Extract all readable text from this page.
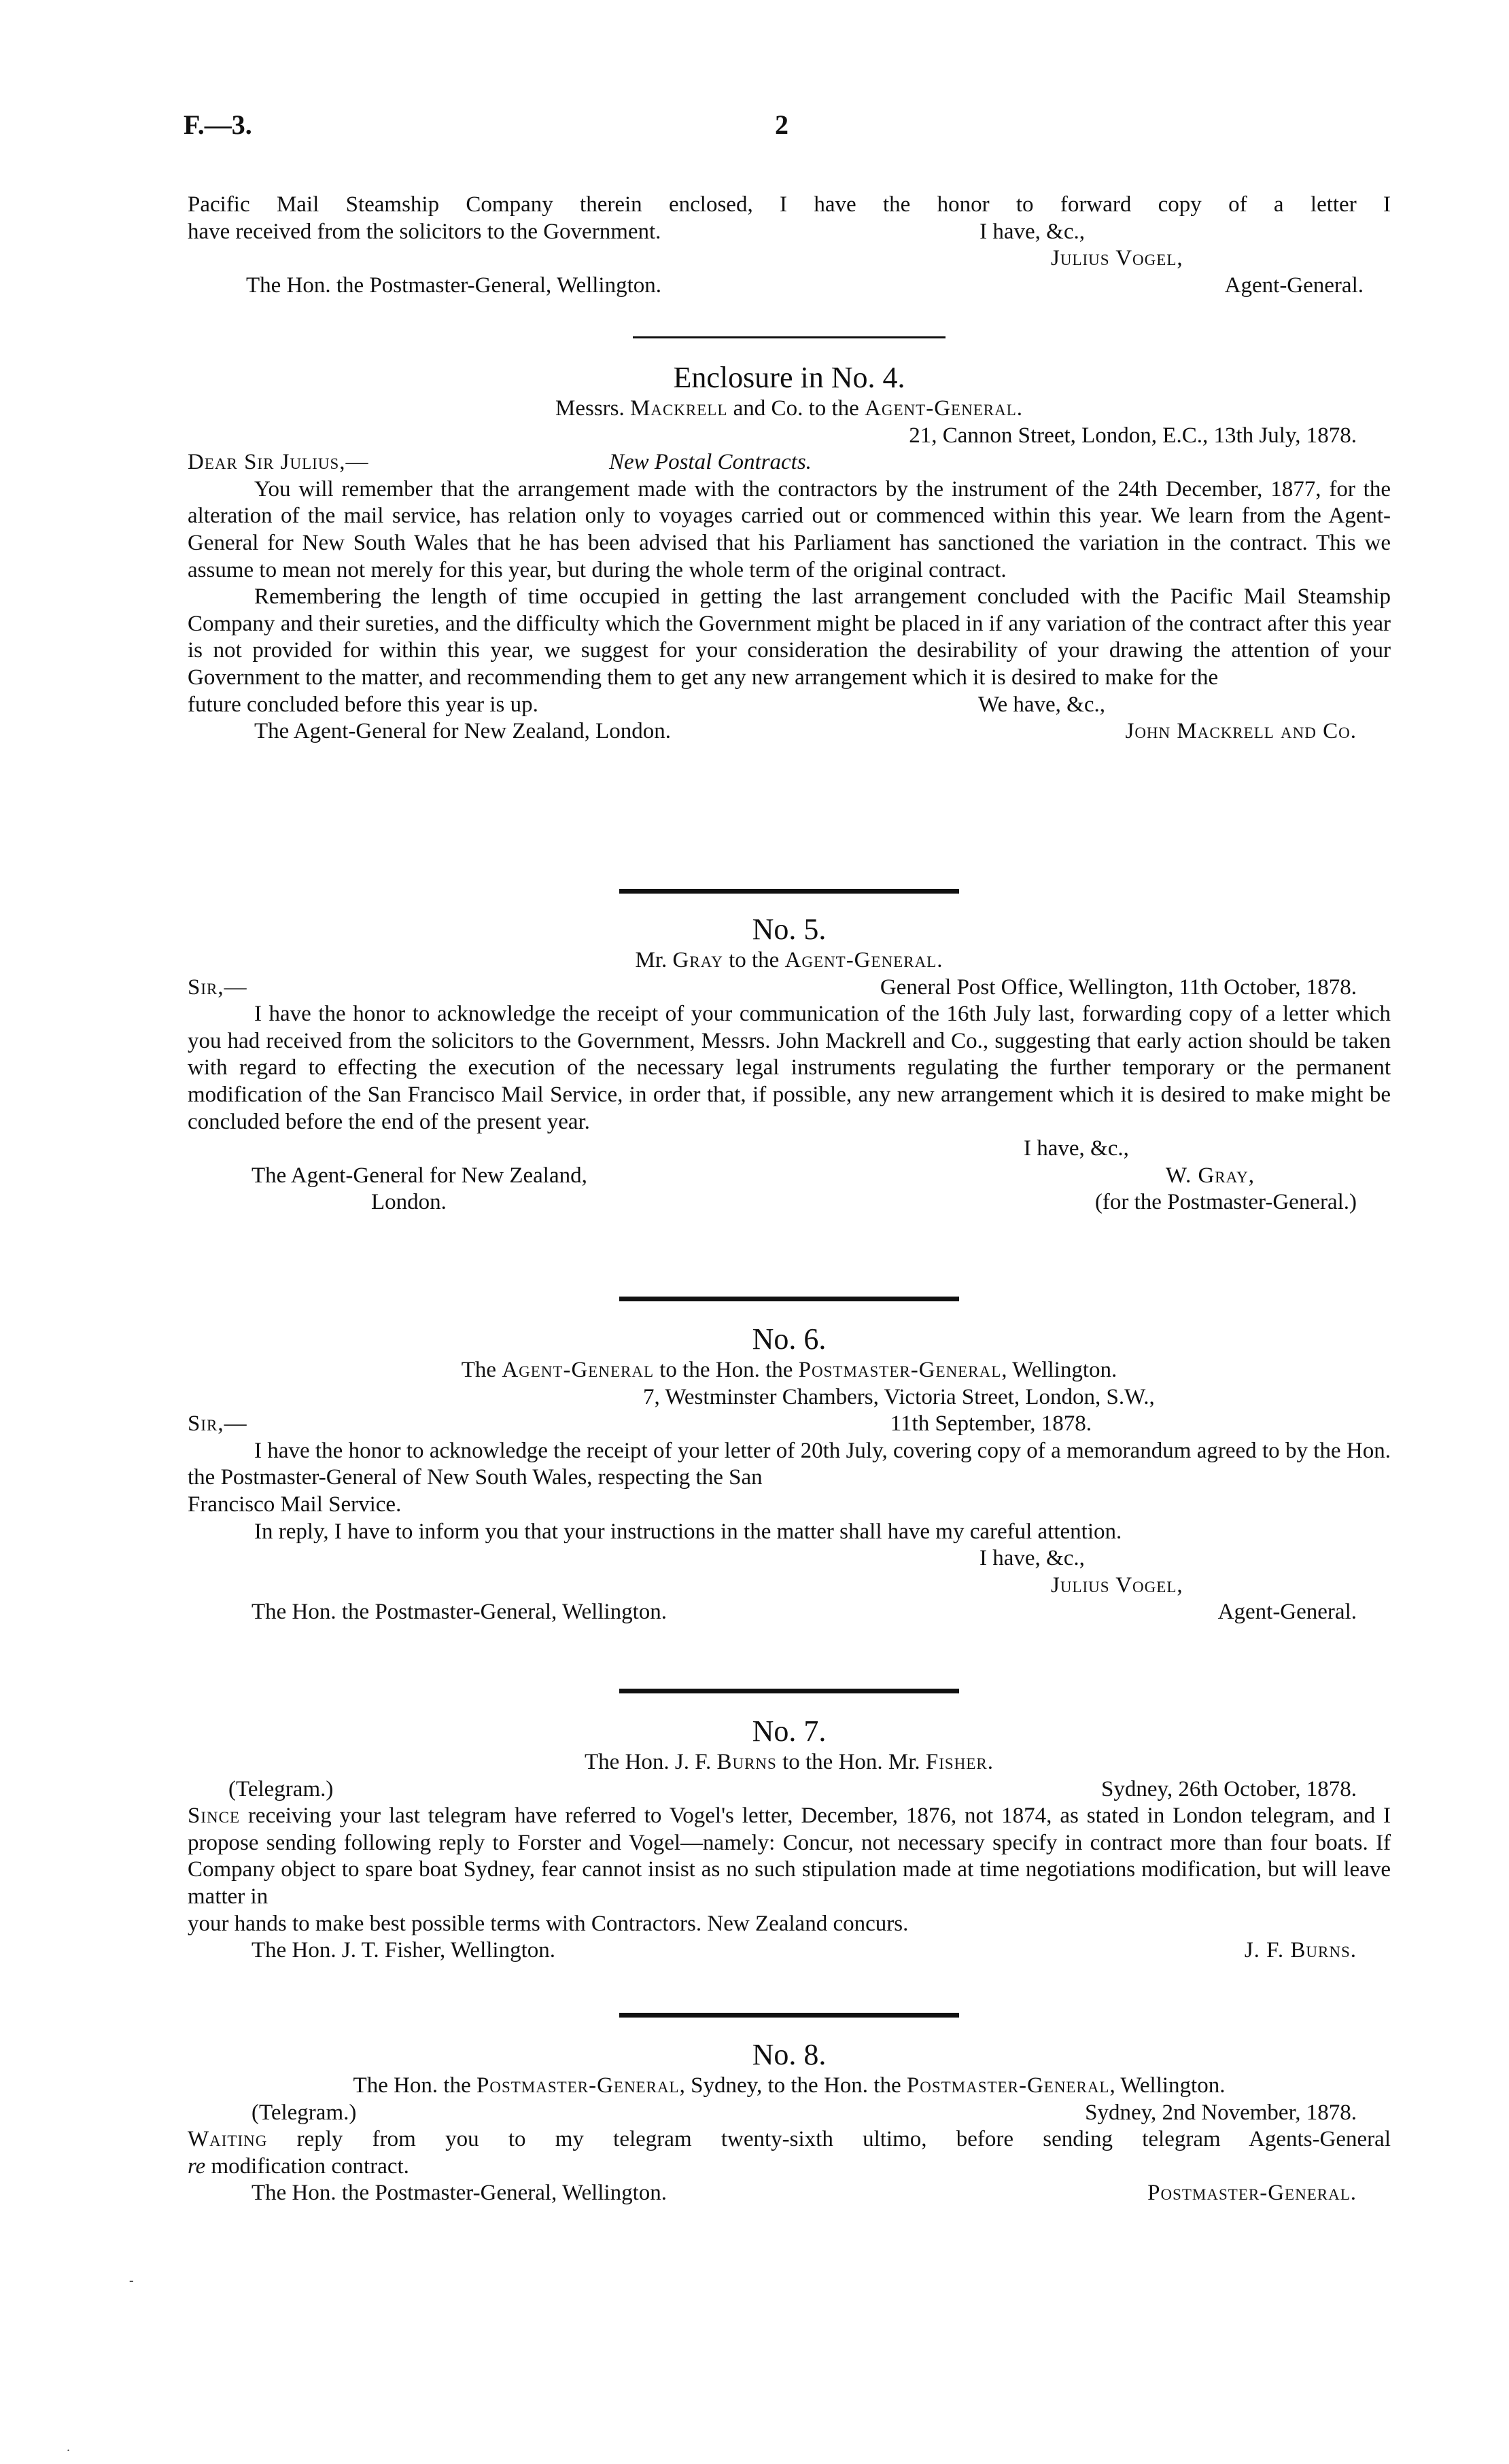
F.—3.	2

Pacific Mail Steamship Company therein enclosed, I have the honor to forward copy of a letter I

have received from the solicitors to the Government.	I have, &c.,

Julius Vogel,

The Hon. the Postmaster-General, Wellington.	Agent-General.

Enclosure in No. 4.

Messrs. Mackrell and Co. to the Agent-General.

21, Cannon Street, London, E.C., 13th July, 1878.

Dear Sir Julius,—	New Postal Contracts.

You will remember that the arrangement made with the contractors by the instrument of the 24th December, 1877, for the alteration of the mail service, has relation only to voyages carried out or commenced within this year. We learn from the Agent-General for New South Wales that he has been advised that his Parliament has sanctioned the variation in the contract. This we assume to mean not merely for this year, but during the whole term of the original contract.

Remembering the length of time occupied in getting the last arrangement concluded with the Pacific Mail Steamship Company and their sureties, and the difficulty which the Government might be placed in if any variation of the contract after this year is not provided for within this year, we suggest for your consideration the desirability of your drawing the attention of your Government to the matter, and recommending them to get any new arrangement which it is desired to make for the

future concluded before this year is up.	We have, &c.,
The Agent-General for New Zealand, London.	John Mackrell and Co.

No. 5.

Mr. Gray to the Agent-General.

Sir,—	General Post Office, Wellington, 11th October, 1878.

I have the honor to acknowledge the receipt of your communication of the 16th July last, forwarding copy of a letter which you had received from the solicitors to the Government, Messrs. John Mackrell and Co., suggesting that early action should be taken with regard to effecting the execution of the necessary legal instruments regulating the further temporary or the permanent modification of the San Francisco Mail Service, in order that, if possible, any new arrangement which it is desired to make might be concluded before the end of the present year.

I have, &c.,

The Agent-General for New Zealand,	W. Gray,
London.	(for the Postmaster-General.)

No. 6.

The Agent-General to the Hon. the Postmaster-General, Wellington.

7, Westminster Chambers, Victoria Street, London, S.W.,

Sir,—	11th September, 1878.

I have the honor to acknowledge the receipt of your letter of 20th July, covering copy of a memorandum agreed to by the Hon. the Postmaster-General of New South Wales, respecting the San

Francisco Mail Service.

In reply, I have to inform you that your instructions in the matter shall have my careful attention.

I have, &c.,

Julius Vogel,

The Hon. the Postmaster-General, Wellington.	Agent-General.

No. 7.

The Hon. J. F. Burns to the Hon. Mr. Fisher.

(Telegram.)	Sydney, 26th October, 1878.

Since receiving your last telegram have referred to Vogel's letter, December, 1876, not 1874, as stated in London telegram, and I propose sending following reply to Forster and Vogel—namely: Concur, not necessary specify in contract more than four boats. If Company object to spare boat Sydney, fear cannot insist as no such stipulation made at time negotiations modification, but will leave matter in

your hands to make best possible terms with Contractors. New Zealand concurs.

The Hon. J. T. Fisher, Wellington.	J. F. Burns.

No. 8.

The Hon. the Postmaster-General, Sydney, to the Hon. the Postmaster-General, Wellington.

(Telegram.)	Sydney, 2nd November, 1878.

Waiting reply from you to my telegram twenty-sixth ultimo, before sending telegram Agents-General

re modification contract.

The Hon. the Postmaster-General, Wellington.	Postmaster-General.
-
.
